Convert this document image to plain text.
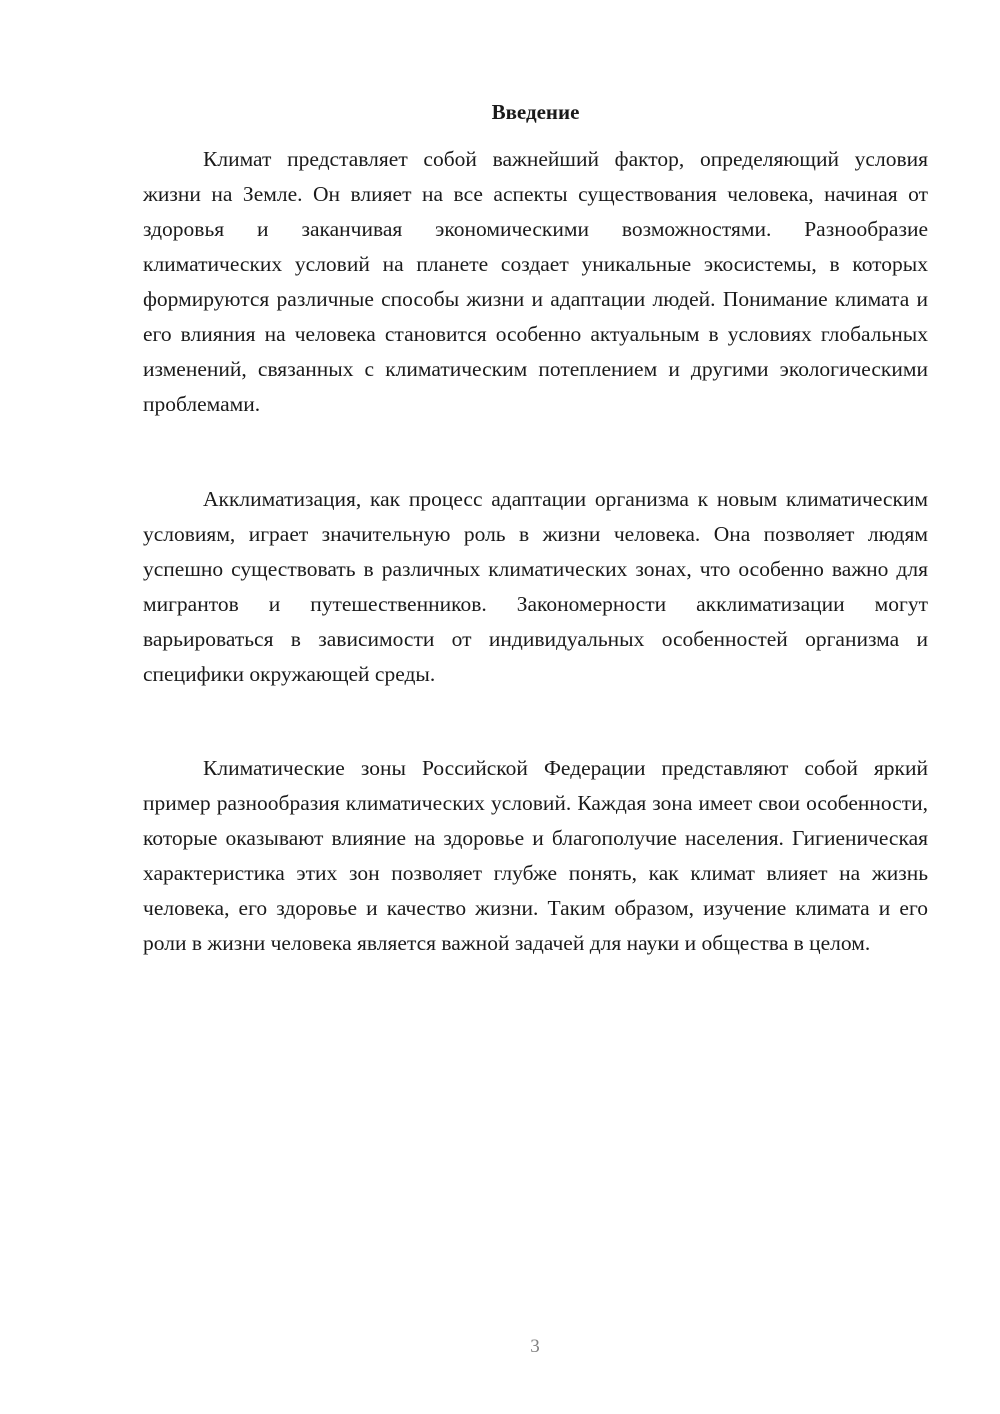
Введение

Климат представляет собой важнейший фактор, определяющий условия жизни на Земле. Он влияет на все аспекты существования человека, начиная от здоровья и заканчивая экономическими возможностями. Разнообразие климатических условий на планете создает уникальные экосистемы, в которых формируются различные способы жизни и адаптации людей. Понимание климата и его влияния на человека становится особенно актуальным в условиях глобальных изменений, связанных с климатическим потеплением и другими экологическими проблемами.

Акклиматизация, как процесс адаптации организма к новым климатическим условиям, играет значительную роль в жизни человека. Она позволяет людям успешно существовать в различных климатических зонах, что особенно важно для мигрантов и путешественников. Закономерности акклиматизации могут варьироваться в зависимости от индивидуальных особенностей организма и специфики окружающей среды.

Климатические зоны Российской Федерации представляют собой яркий пример разнообразия климатических условий. Каждая зона имеет свои особенности, которые оказывают влияние на здоровье и благополучие населения. Гигиеническая характеристика этих зон позволяет глубже понять, как климат влияет на жизнь человека, его здоровье и качество жизни. Таким образом, изучение климата и его роли в жизни человека является важной задачей для науки и общества в целом.

3
